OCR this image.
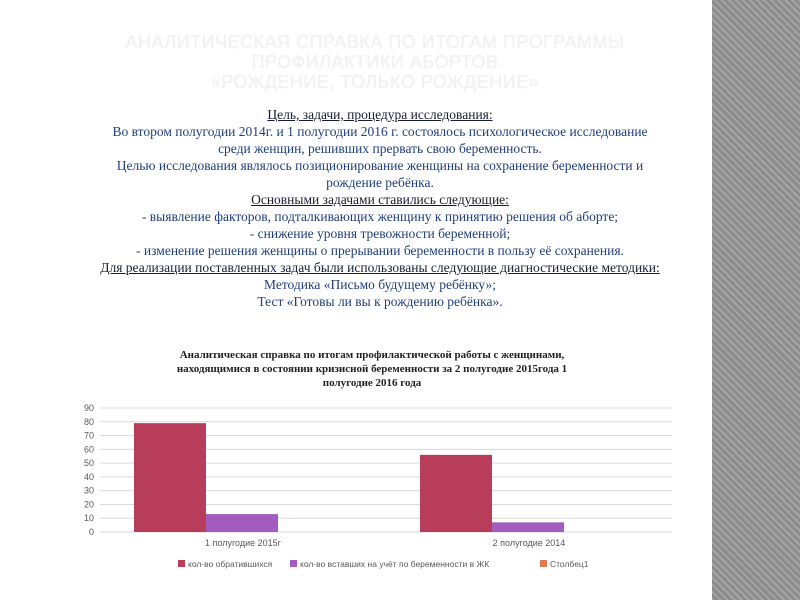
АНАЛИТИЧЕСКАЯ СПРАВКА ПО ИТОГАМ ПРОГРАММЫ
ПРОФИЛАКТИКИ АБОРТОВ
«РОЖДЕНИЕ, ТОЛЬКО РОЖДЕНИЕ»

Цель, задачи, процедура исследования:

Во втором полугодии 2014г. и 1 полугодии 2016 г. состоялось психологическое исследование

среди женщин, решивших прервать свою беременность.

Целью исследования являлось позиционирование женщины на сохранение беременности и

рождение ребёнка.

Основными задачами ставились следующие:

- выявление факторов, подталкивающих женщину к принятию решения об аборте;

- снижение уровня тревожности беременной;

- изменение решения женщины о прерывании беременности в пользу её сохранения.

Для реализации поставленных задач были использованы следующие диагностические методики:

Методика «Письмо будущему ребёнку»;

Тест «Готовы ли вы к рождению ребёнка».

Аналитическая справка по итогам профилактической работы с женщинами,
находящимися в состоянии кризисной беременности за 2 полугодие 2015года 1
полугодие 2016 года
0
10
20
30
40
50
60
70
80
90
1 полугодие 2015г	2 полугодие 2014
кол-во обратившихся	кол-во вставших на учёт по беременности в ЖК	Столбец1
